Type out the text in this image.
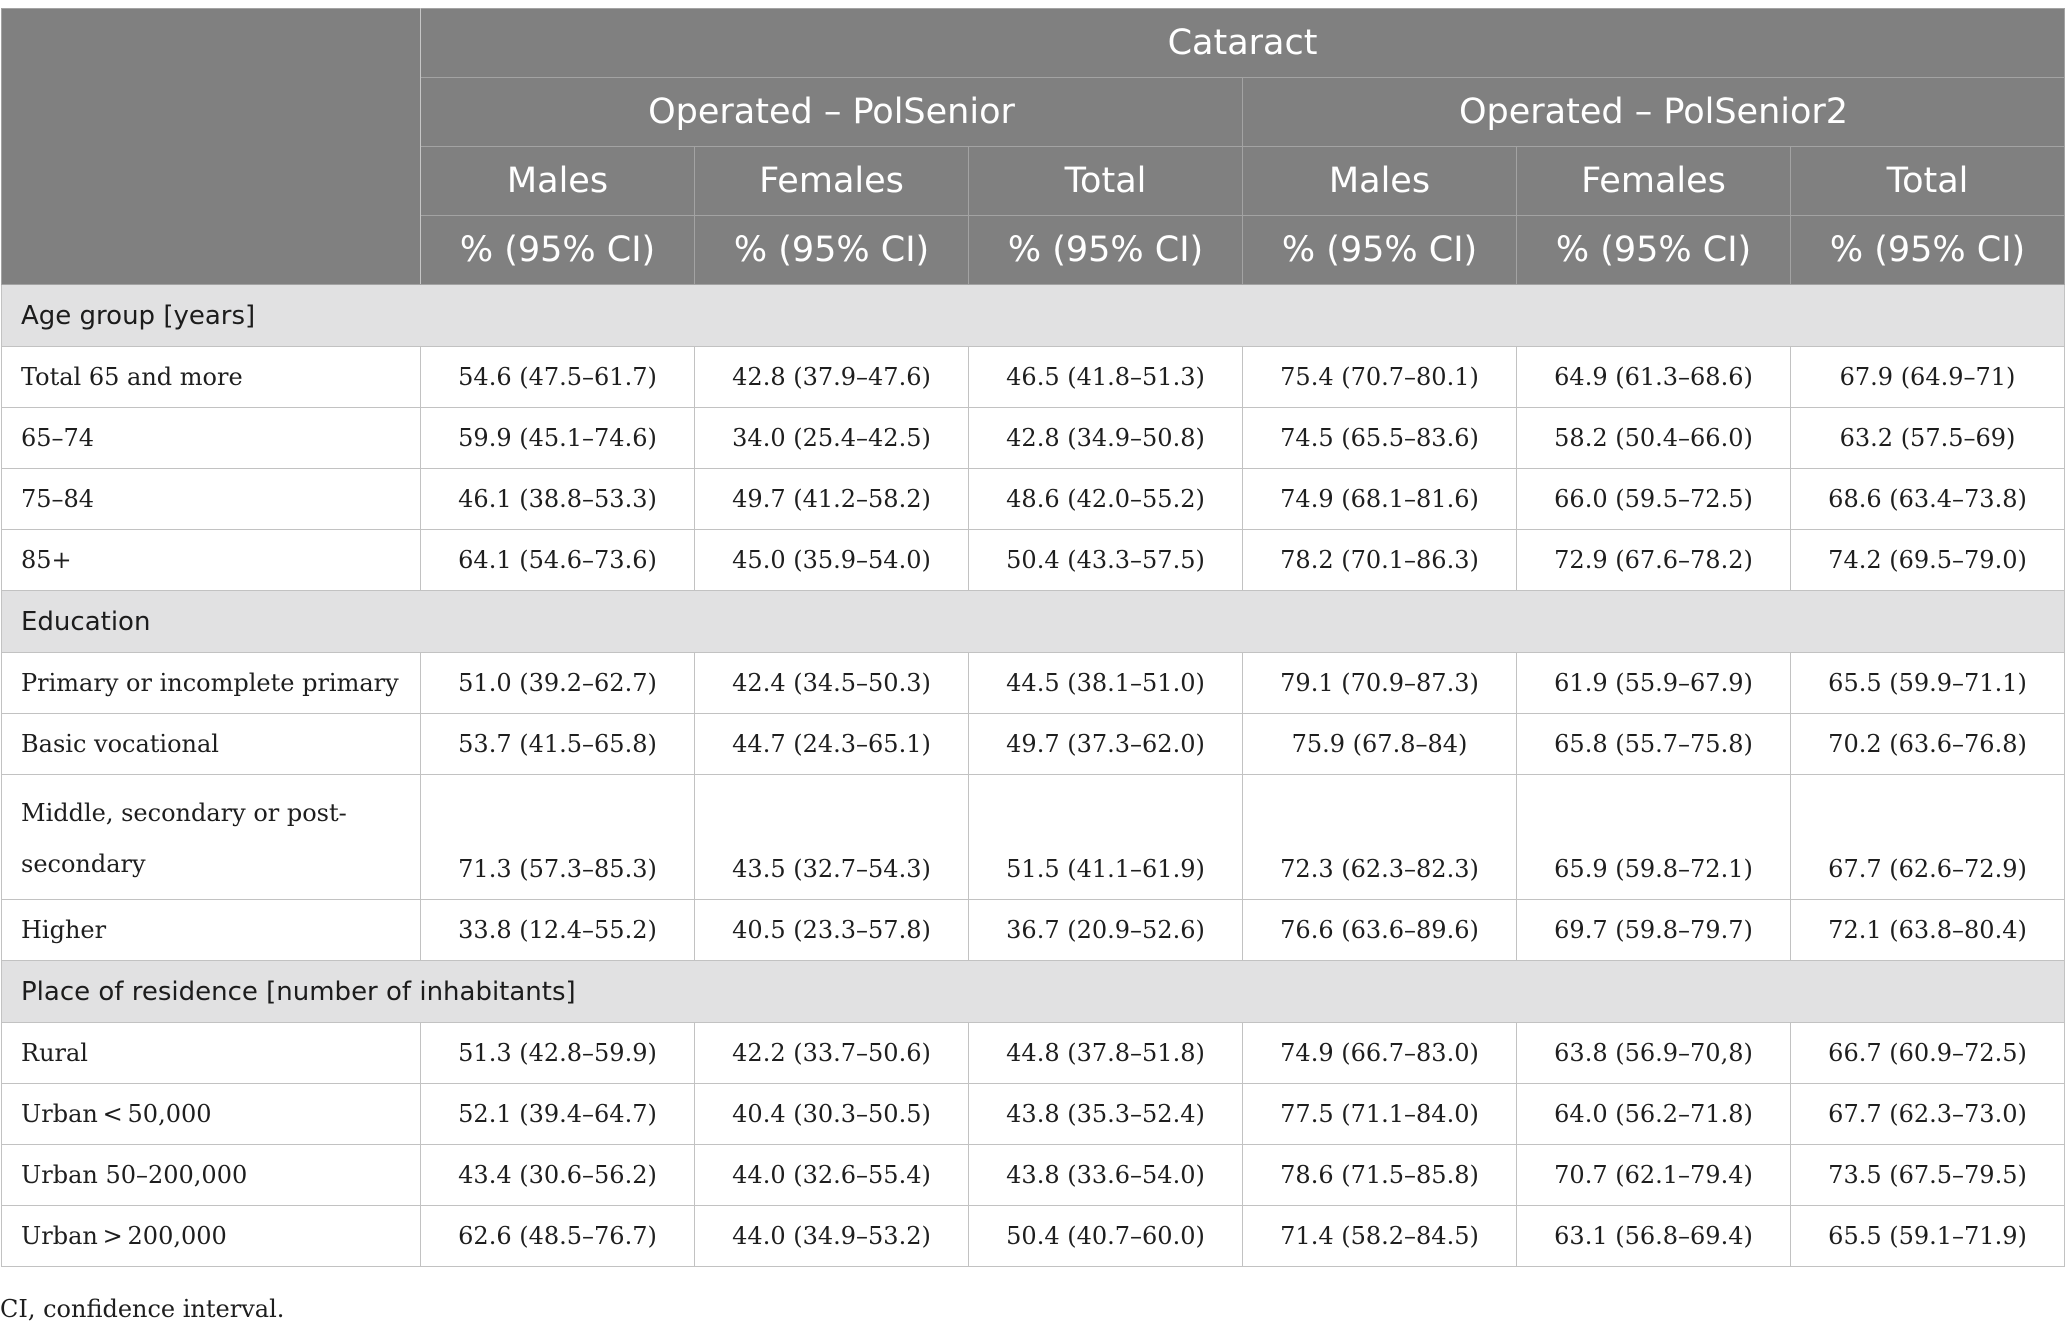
	Cataract					
	Operated – PolSenior			Operated – PolSenior2		
	Males	Females	Total	Males	Females	Total
	% (95% CI)	% (95% CI)	% (95% CI)	% (95% CI)	% (95% CI)	% (95% CI)
Age group [years]						
Total 65 and more	54.6 (47.5–61.7)	42.8 (37.9–47.6)	46.5 (41.8–51.3)	75.4 (70.7–80.1)	64.9 (61.3–68.6)	67.9 (64.9–71)
65–74	59.9 (45.1–74.6)	34.0 (25.4–42.5)	42.8 (34.9–50.8)	74.5 (65.5–83.6)	58.2 (50.4–66.0)	63.2 (57.5–69)
75–84	46.1 (38.8–53.3)	49.7 (41.2–58.2)	48.6 (42.0–55.2)	74.9 (68.1–81.6)	66.0 (59.5–72.5)	68.6 (63.4–73.8)
85+	64.1 (54.6–73.6)	45.0 (35.9–54.0)	50.4 (43.3–57.5)	78.2 (70.1–86.3)	72.9 (67.6–78.2)	74.2 (69.5–79.0)
Education						
Primary or incomplete primary	51.0 (39.2–62.7)	42.4 (34.5–50.3)	44.5 (38.1–51.0)	79.1 (70.9–87.3)	61.9 (55.9–67.9)	65.5 (59.9–71.1)
Basic vocational	53.7 (41.5–65.8)	44.7 (24.3–65.1)	49.7 (37.3–62.0)	75.9 (67.8–84)	65.8 (55.7–75.8)	70.2 (63.6–76.8)
Middle, secondary or post-secondary	71.3 (57.3–85.3)	43.5 (32.7–54.3)	51.5 (41.1–61.9)	72.3 (62.3–82.3)	65.9 (59.8–72.1)	67.7 (62.6–72.9)
Higher	33.8 (12.4–55.2)	40.5 (23.3–57.8)	36.7 (20.9–52.6)	76.6 (63.6–89.6)	69.7 (59.8–79.7)	72.1 (63.8–80.4)
Place of residence [number of inhabitants]						
Rural	51.3 (42.8–59.9)	42.2 (33.7–50.6)	44.8 (37.8–51.8)	74.9 (66.7–83.0)	63.8 (56.9–70,8)	66.7 (60.9–72.5)
Urban < 50,000	52.1 (39.4–64.7)	40.4 (30.3–50.5)	43.8 (35.3–52.4)	77.5 (71.1–84.0)	64.0 (56.2–71.8)	67.7 (62.3–73.0)
Urban 50–200,000	43.4 (30.6–56.2)	44.0 (32.6–55.4)	43.8 (33.6–54.0)	78.6 (71.5–85.8)	70.7 (62.1–79.4)	73.5 (67.5–79.5)
Urban > 200,000	62.6 (48.5–76.7)	44.0 (34.9–53.2)	50.4 (40.7–60.0)	71.4 (58.2–84.5)	63.1 (56.8–69.4)	65.5 (59.1–71.9)
CI, confidence interval.
